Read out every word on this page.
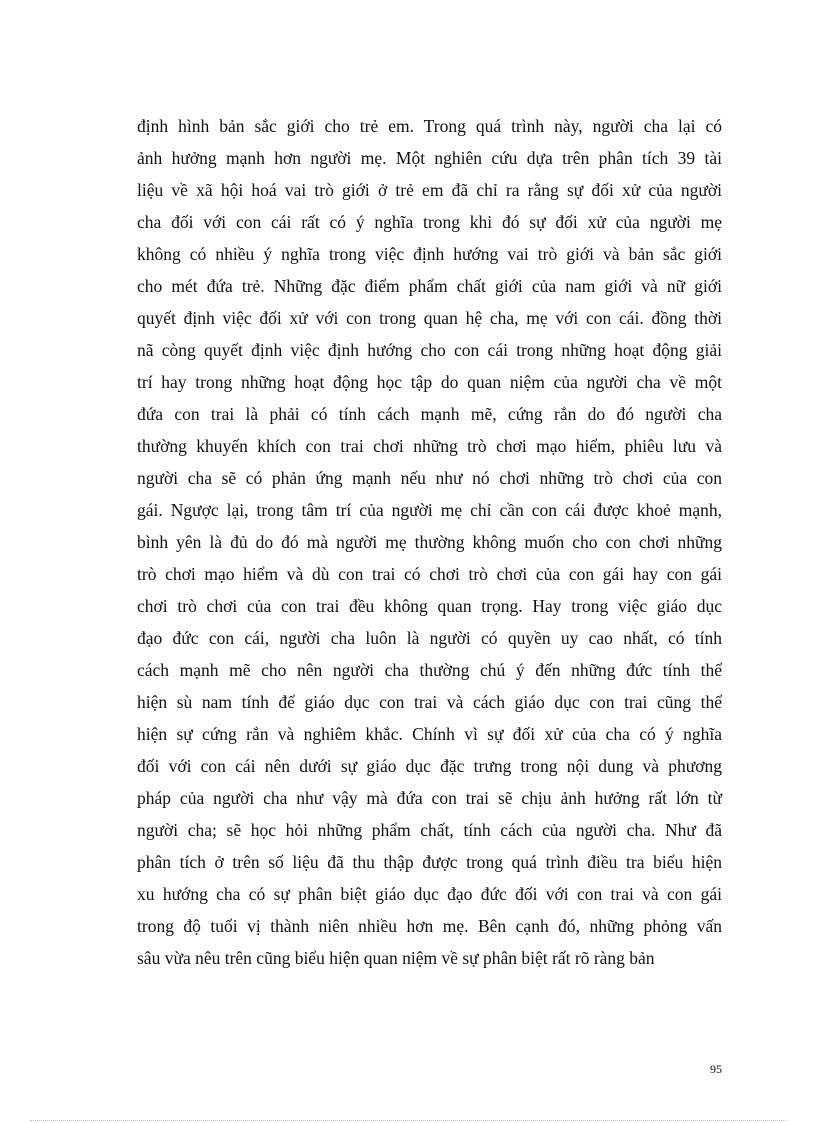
định hình bản sắc giới cho trẻ em. Trong quá trình này, người cha lại có
ảnh hưởng mạnh hơn người mẹ. Một nghiên cứu dựa trên phân tích 39 tài
liệu về xã hội hoá vai trò giới ở trẻ em đã chỉ ra rằng sự đối xử của người
cha đối với con cái rất có ý nghĩa trong khi đó sự đối xử của người mẹ
không có nhiều ý nghĩa trong việc định hướng vai trò giới và bản sắc giới
cho mét đứa trẻ. Những đặc điểm phẩm chất giới của nam giới và nữ giới
quyết định việc đối xử với con trong quan hệ cha, mẹ với con cái. đồng thời
nã còng quyết định việc định hướng cho con cái trong những hoạt động giải
trí hay trong những hoạt động học tập do quan niệm của người cha về một
đứa con trai là phải có tính cách mạnh mẽ, cứng rắn do đó người cha
thường khuyến khích con trai chơi những trò chơi mạo hiểm, phiêu lưu và
người cha sẽ có phản ứng mạnh nếu như nó chơi những trò chơi của con
gái. Ngược lại, trong tâm trí của người mẹ chỉ cần con cái được khoẻ mạnh,
bình yên là đủ do đó mà người mẹ thường không muốn cho con chơi những
trò chơi mạo hiểm và dù con trai có chơi trò chơi của con gái hay con gái
chơi trò chơi của con trai đều không quan trọng. Hay trong việc giáo dục
đạo đức con cái, người cha luôn là người có quyền uy cao nhất, có tính
cách mạnh mẽ cho nên người cha thường chú ý đến những đức tính thể
hiện sù nam tính để giáo dục con trai và cách giáo dục con trai cũng thể
hiện sự cứng rắn và nghiêm khắc. Chính vì sự đối xử của cha có ý nghĩa
đối với con cái nên dưới sự giáo dục đặc trưng trong nội dung và phương
pháp của người cha như vậy mà đứa con trai sẽ chịu ảnh hưởng rất lớn từ
người cha; sẽ học hỏi những phẩm chất, tính cách của người cha. Như đã
phân tích ở trên số liệu đã thu thập được trong quá trình điều tra biểu hiện
xu hướng cha có sự phân biệt giáo dục đạo đức đối với con trai và con gái
trong độ tuổi vị thành niên nhiều hơn mẹ. Bên cạnh đó, những phỏng vấn
sâu vừa nêu trên cũng biểu hiện quan niệm về sự phân biệt rất rõ ràng bản
95
